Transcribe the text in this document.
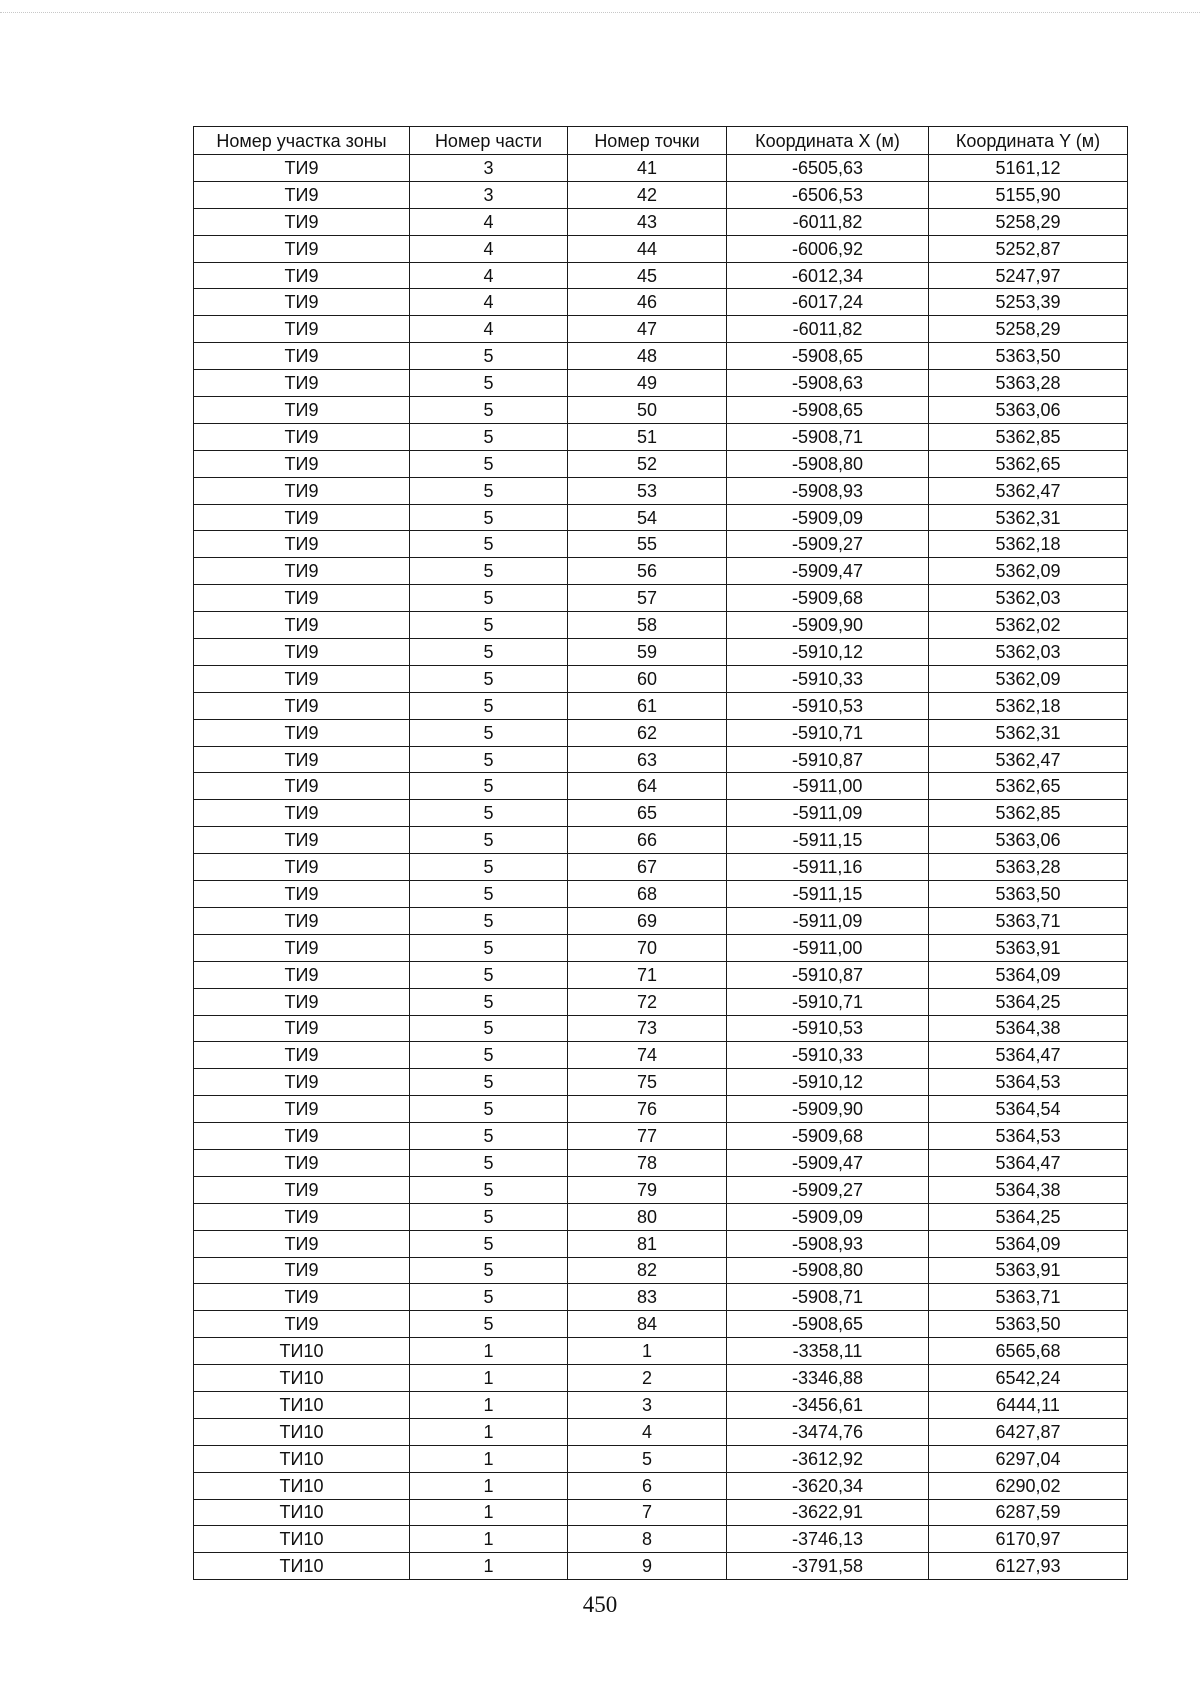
Номер участка зоны	Номер части	Номер точки	Координата X (м)	Координата Y (м)
ТИ9	3	41	-6505,63	5161,12
ТИ9	3	42	-6506,53	5155,90
ТИ9	4	43	-6011,82	5258,29
ТИ9	4	44	-6006,92	5252,87
ТИ9	4	45	-6012,34	5247,97
ТИ9	4	46	-6017,24	5253,39
ТИ9	4	47	-6011,82	5258,29
ТИ9	5	48	-5908,65	5363,50
ТИ9	5	49	-5908,63	5363,28
ТИ9	5	50	-5908,65	5363,06
ТИ9	5	51	-5908,71	5362,85
ТИ9	5	52	-5908,80	5362,65
ТИ9	5	53	-5908,93	5362,47
ТИ9	5	54	-5909,09	5362,31
ТИ9	5	55	-5909,27	5362,18
ТИ9	5	56	-5909,47	5362,09
ТИ9	5	57	-5909,68	5362,03
ТИ9	5	58	-5909,90	5362,02
ТИ9	5	59	-5910,12	5362,03
ТИ9	5	60	-5910,33	5362,09
ТИ9	5	61	-5910,53	5362,18
ТИ9	5	62	-5910,71	5362,31
ТИ9	5	63	-5910,87	5362,47
ТИ9	5	64	-5911,00	5362,65
ТИ9	5	65	-5911,09	5362,85
ТИ9	5	66	-5911,15	5363,06
ТИ9	5	67	-5911,16	5363,28
ТИ9	5	68	-5911,15	5363,50
ТИ9	5	69	-5911,09	5363,71
ТИ9	5	70	-5911,00	5363,91
ТИ9	5	71	-5910,87	5364,09
ТИ9	5	72	-5910,71	5364,25
ТИ9	5	73	-5910,53	5364,38
ТИ9	5	74	-5910,33	5364,47
ТИ9	5	75	-5910,12	5364,53
ТИ9	5	76	-5909,90	5364,54
ТИ9	5	77	-5909,68	5364,53
ТИ9	5	78	-5909,47	5364,47
ТИ9	5	79	-5909,27	5364,38
ТИ9	5	80	-5909,09	5364,25
ТИ9	5	81	-5908,93	5364,09
ТИ9	5	82	-5908,80	5363,91
ТИ9	5	83	-5908,71	5363,71
ТИ9	5	84	-5908,65	5363,50
ТИ10	1	1	-3358,11	6565,68
ТИ10	1	2	-3346,88	6542,24
ТИ10	1	3	-3456,61	6444,11
ТИ10	1	4	-3474,76	6427,87
ТИ10	1	5	-3612,92	6297,04
ТИ10	1	6	-3620,34	6290,02
ТИ10	1	7	-3622,91	6287,59
ТИ10	1	8	-3746,13	6170,97
ТИ10	1	9	-3791,58	6127,93
450
